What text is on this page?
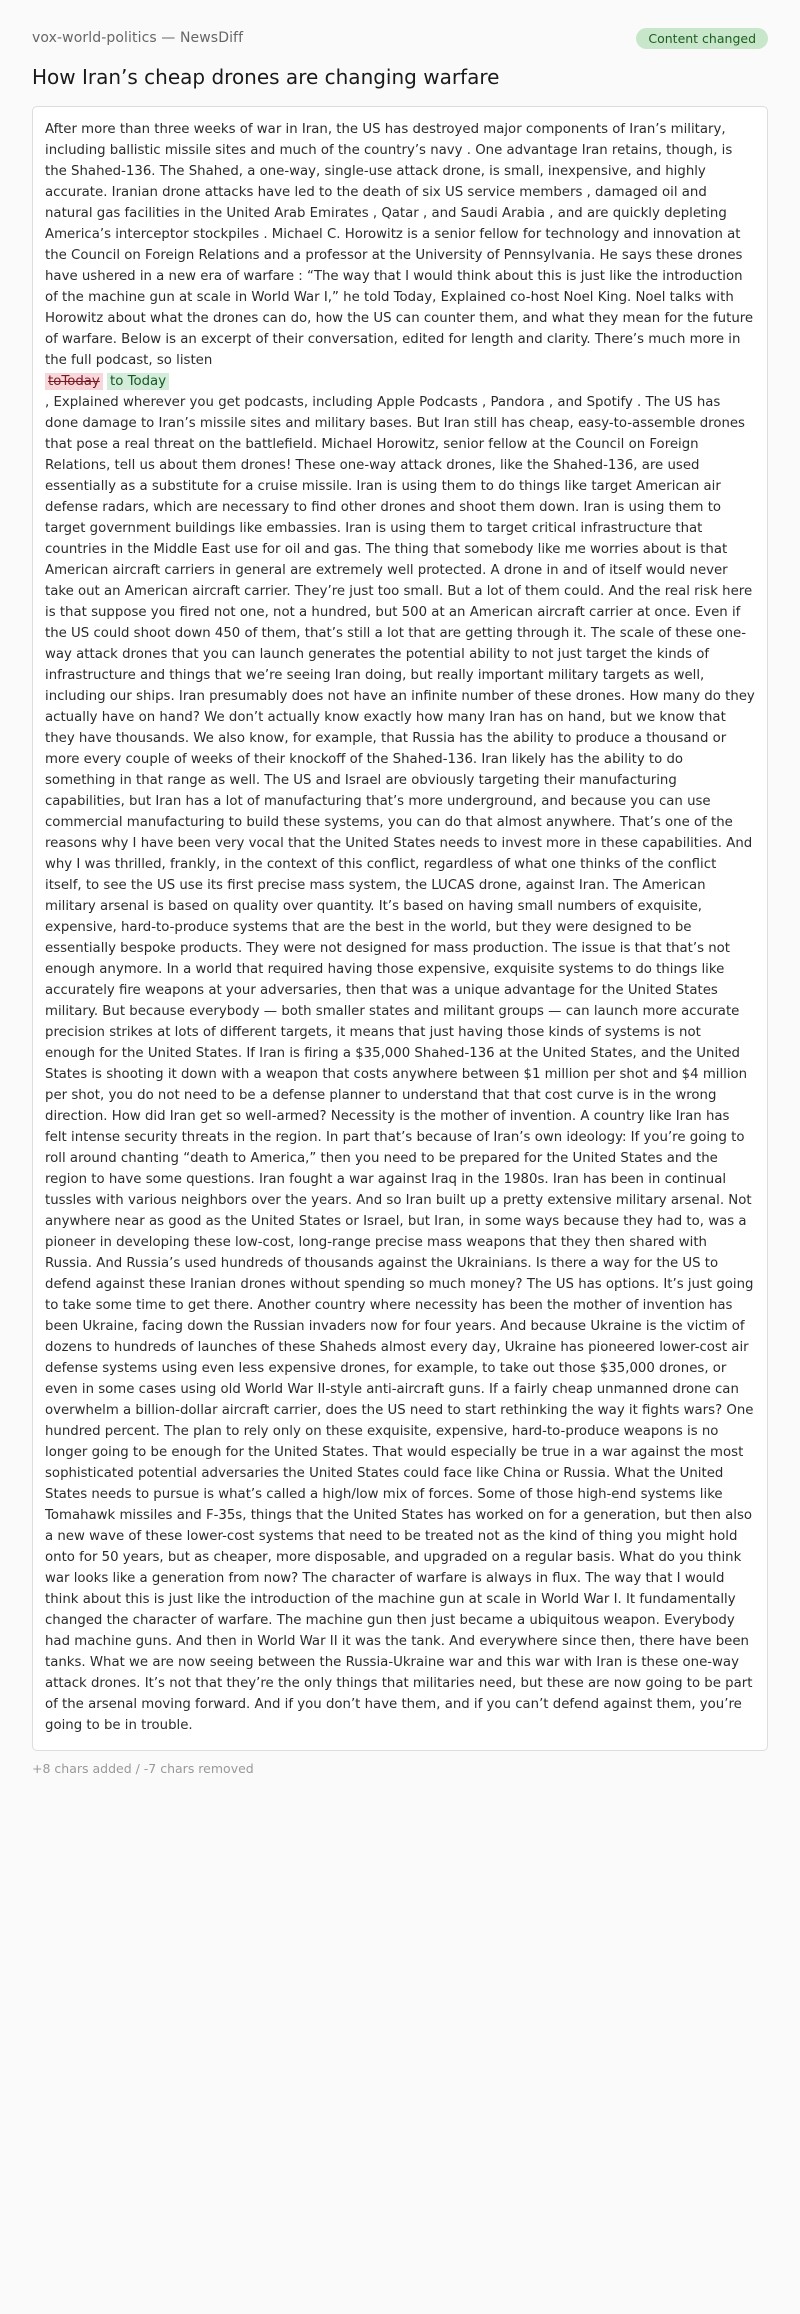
vox-world-politics — NewsDiff	Content changed
How Iran’s cheap drones are changing warfare

After more than three weeks of war in Iran, the US has destroyed major components of Iran’s military, including ballistic missile sites and much of the country’s navy . One advantage Iran retains, though, is the Shahed-136. The Shahed, a one-way, single-use attack drone, is small, inexpensive, and highly accurate. Iranian drone attacks have led to the death of six US service members , damaged oil and natural gas facilities in the United Arab Emirates , Qatar , and Saudi Arabia , and are quickly depleting America’s interceptor stockpiles . Michael C. Horowitz is a senior fellow for technology and innovation at the Council on Foreign Relations and a professor at the University of Pennsylvania. He says these drones have ushered in a new era of warfare : “The way that I would think about this is just like the introduction of the machine gun at scale in World War I,” he told Today, Explained co-host Noel King. Noel talks with Horowitz about what the drones can do, how the US can counter them, and what they mean for the future of warfare. Below is an excerpt of their conversation, edited for length and clarity. There’s much more in the full podcast, so listen

toToday to Today

, Explained wherever you get podcasts, including Apple Podcasts , Pandora , and Spotify . The US has done damage to Iran’s missile sites and military bases. But Iran still has cheap, easy-to-assemble drones that pose a real threat on the battlefield. Michael Horowitz, senior fellow at the Council on Foreign Relations, tell us about them drones! These one-way attack drones, like the Shahed-136, are used essentially as a substitute for a cruise missile. Iran is using them to do things like target American air defense radars, which are necessary to find other drones and shoot them down. Iran is using them to target government buildings like embassies. Iran is using them to target critical infrastructure that countries in the Middle East use for oil and gas. The thing that somebody like me worries about is that American aircraft carriers in general are extremely well protected. A drone in and of itself would never take out an American aircraft carrier. They’re just too small. But a lot of them could. And the real risk here is that suppose you fired not one, not a hundred, but 500 at an American aircraft carrier at once. Even if the US could shoot down 450 of them, that’s still a lot that are getting through it. The scale of these one-way attack drones that you can launch generates the potential ability to not just target the kinds of infrastructure and things that we’re seeing Iran doing, but really important military targets as well, including our ships. Iran presumably does not have an infinite number of these drones. How many do they actually have on hand? We don’t actually know exactly how many Iran has on hand, but we know that they have thousands. We also know, for example, that Russia has the ability to produce a thousand or more every couple of weeks of their knockoff of the Shahed-136. Iran likely has the ability to do something in that range as well. The US and Israel are obviously targeting their manufacturing capabilities, but Iran has a lot of manufacturing that’s more underground, and because you can use commercial manufacturing to build these systems, you can do that almost anywhere. That’s one of the reasons why I have been very vocal that the United States needs to invest more in these capabilities. And why I was thrilled, frankly, in the context of this conflict, regardless of what one thinks of the conflict itself, to see the US use its first precise mass system, the LUCAS drone, against Iran. The American military arsenal is based on quality over quantity. It’s based on having small numbers of exquisite, expensive, hard-to-produce systems that are the best in the world, but they were designed to be essentially bespoke products. They were not designed for mass production. The issue is that that’s not enough anymore. In a world that required having those expensive, exquisite systems to do things like accurately fire weapons at your adversaries, then that was a unique advantage for the United States military. But because everybody — both smaller states and militant groups — can launch more accurate precision strikes at lots of different targets, it means that just having those kinds of systems is not enough for the United States. If Iran is firing a $35,000 Shahed-136 at the United States, and the United States is shooting it down with a weapon that costs anywhere between $1 million per shot and $4 million per shot, you do not need to be a defense planner to understand that that cost curve is in the wrong direction. How did Iran get so well-armed? Necessity is the mother of invention. A country like Iran has felt intense security threats in the region. In part that’s because of Iran’s own ideology: If you’re going to roll around chanting “death to America,” then you need to be prepared for the United States and the region to have some questions. Iran fought a war against Iraq in the 1980s. Iran has been in continual tussles with various neighbors over the years. And so Iran built up a pretty extensive military arsenal. Not anywhere near as good as the United States or Israel, but Iran, in some ways because they had to, was a pioneer in developing these low-cost, long-range precise mass weapons that they then shared with Russia. And Russia’s used hundreds of thousands against the Ukrainians. Is there a way for the US to defend against these Iranian drones without spending so much money? The US has options. It’s just going to take some time to get there. Another country where necessity has been the mother of invention has been Ukraine, facing down the Russian invaders now for four years. And because Ukraine is the victim of dozens to hundreds of launches of these Shaheds almost every day, Ukraine has pioneered lower-cost air defense systems using even less expensive drones, for example, to take out those $35,000 drones, or even in some cases using old World War II-style anti-aircraft guns. If a fairly cheap unmanned drone can overwhelm a billion-dollar aircraft carrier, does the US need to start rethinking the way it fights wars? One hundred percent. The plan to rely only on these exquisite, expensive, hard-to-produce weapons is no longer going to be enough for the United States. That would especially be true in a war against the most sophisticated potential adversaries the United States could face like China or Russia. What the United States needs to pursue is what’s called a high/low mix of forces. Some of those high-end systems like Tomahawk missiles and F-35s, things that the United States has worked on for a generation, but then also a new wave of these lower-cost systems that need to be treated not as the kind of thing you might hold onto for 50 years, but as cheaper, more disposable, and upgraded on a regular basis. What do you think war looks like a generation from now? The character of warfare is always in flux. The way that I would think about this is just like the introduction of the machine gun at scale in World War I. It fundamentally changed the character of warfare. The machine gun then just became a ubiquitous weapon. Everybody had machine guns. And then in World War II it was the tank. And everywhere since then, there have been tanks. What we are now seeing between the Russia-Ukraine war and this war with Iran is these one-way attack drones. It’s not that they’re the only things that militaries need, but these are now going to be part of the arsenal moving forward. And if you don’t have them, and if you can’t defend against them, you’re going to be in trouble.

+8 chars added / -7 chars removed
